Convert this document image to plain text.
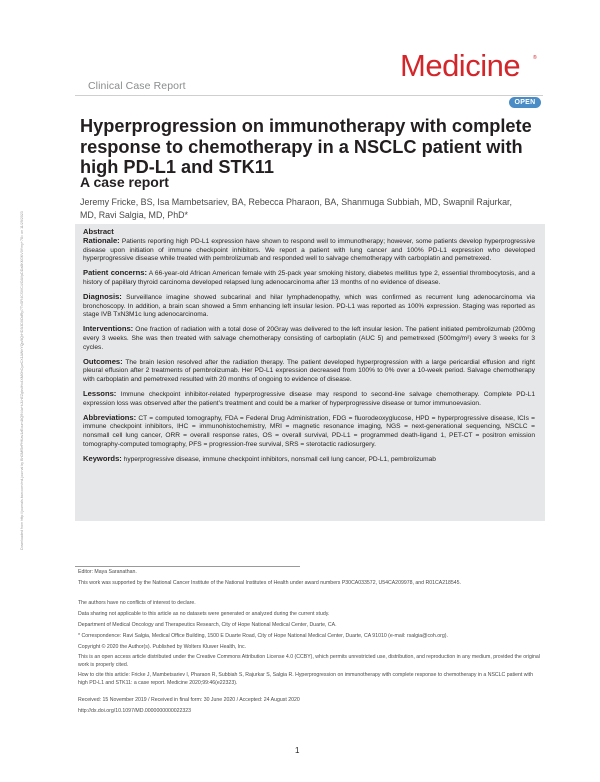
Downloaded from http://journals.lww.com/md-journal by BhDMf5ePHKav1zEoum1tQfN4a+kJLhEZgbsIHo4XMi0hCywCX1AWnYQp/IlQrHD3i3D0OdRyi7TvSFl4Cf3VC4/OAVpDDa8KKGKV0Ymy+78= on 11/29/2023
Clinical Case Report
Medicine	®
OPEN
Hyperprogression on immunotherapy with complete response to chemotherapy in a NSCLC patient with high PD-L1 and STK11
A case report
Jeremy Fricke, BS, Isa Mambetsariev, BA, Rebecca Pharaon, BA, Shanmuga Subbiah, MD, Swapnil Rajurkar, MD, Ravi Salgia, MD, PhD*
Abstract

Rationale: Patients reporting high PD-L1 expression have shown to respond well to immunotherapy; however, some patients develop hyperprogressive disease upon initiation of immune checkpoint inhibitors. We report a patient with lung cancer and 100% PD-L1 expression who developed hyperprogressive disease while treated with pembrolizumab and responded well to salvage chemotherapy with carboplatin and pemetrexed.

Patient concerns: A 66-year-old African American female with 25-pack year smoking history, diabetes mellitus type 2, essential thrombocytosis, and a history of papillary thyroid carcinoma developed relapsed lung adenocarcinoma after 13 months of no evidence of disease.

Diagnosis: Surveillance imagine showed subcarinal and hilar lymphadenopathy, which was confirmed as recurrent lung adenocarcinoma via bronchoscopy. In addition, a brain scan showed a 5mm enhancing left insular lesion. PD-L1 was reported as 100% expression. Staging was reported as stage IVB TxN3M1c lung adenocarcinoma.

Interventions: One fraction of radiation with a total dose of 20Gray was delivered to the left insular lesion. The patient initiated pembrolizumab (200mg every 3 weeks. She was then treated with salvage chemotherapy consisting of carboplatin (AUC 5) and pemetrexed (500mg/m²) every 3 weeks for 3 cycles.

Outcomes: The brain lesion resolved after the radiation therapy. The patient developed hyperprogression with a large pericardial effusion and right pleural effusion after 2 treatments of pembrolizumab. Her PD-L1 expression decreased from 100% to 0% over a 10-week period. Salvage chemotherapy with carboplatin and pemetrexed resulted with 20 months of ongoing to evidence of disease.

Lessons: Immune checkpoint inhibitor-related hyperprogressive disease may respond to second-line salvage chemotherapy. Complete PD-L1 expression loss was observed after the patient’s treatment and could be a marker of hyperprogressive disease or tumor immunoevasion.

Abbreviations: CT = computed tomography, FDA = Federal Drug Administration, FDG = fluorodeoxyglucose, HPD = hyperprogressive disease, ICIs = immune checkpoint inhibitors, IHC = immunohistochemistry, MRI = magnetic resonance imaging, NGS = next-generational sequencing, NSCLC = nonsmall cell lung cancer, ORR = overall response rates, OS = overall survival, PD-L1 = programmed death-ligand 1, PET-CT = positron emission tomography-computed tomography, PFS = progression-free survival, SRS = sterotactic radiosurgery.

Keywords: hyperprogressive disease, immune checkpoint inhibitors, nonsmall cell lung cancer, PD-L1, pembrolizumab

Editor: Maya Saranathan.
This work was supported by the National Cancer Institute of the National Institutes of Health under award numbers P30CA033572, U54CA209978, and R01CA218545.
The authors have no conflicts of interest to declare.
Data sharing not applicable to this article as no datasets were generated or analyzed during the current study.
Department of Medical Oncology and Therapeutics Research, City of Hope National Medical Center, Duarte, CA.
* Correspondence: Ravi Salgia, Medical Office Building, 1500 E Duarte Road, City of Hope National Medical Center, Duarte, CA 91010 (e-mail: rsalgia@coh.org).
Copyright © 2020 the Author(s). Published by Wolters Kluwer Health, Inc.
This is an open access article distributed under the Creative Commons Attribution License 4.0 (CCBY), which permits unrestricted use, distribution, and reproduction in any medium, provided the original work is properly cited.
How to cite this article: Fricke J, Mambetsariev I, Pharaon R, Subbiah S, Rajurkar S, Salgia R. Hyperprogression on immunotherapy with complete response to chemotherapy in a NSCLC patient with high PD-L1 and STK11: a case report. Medicine 2020;99:46(e22323).
Received: 15 November 2019 / Received in final form: 30 June 2020 / Accepted: 24 August 2020
http://dx.doi.org/10.1097/MD.0000000000022323
1
